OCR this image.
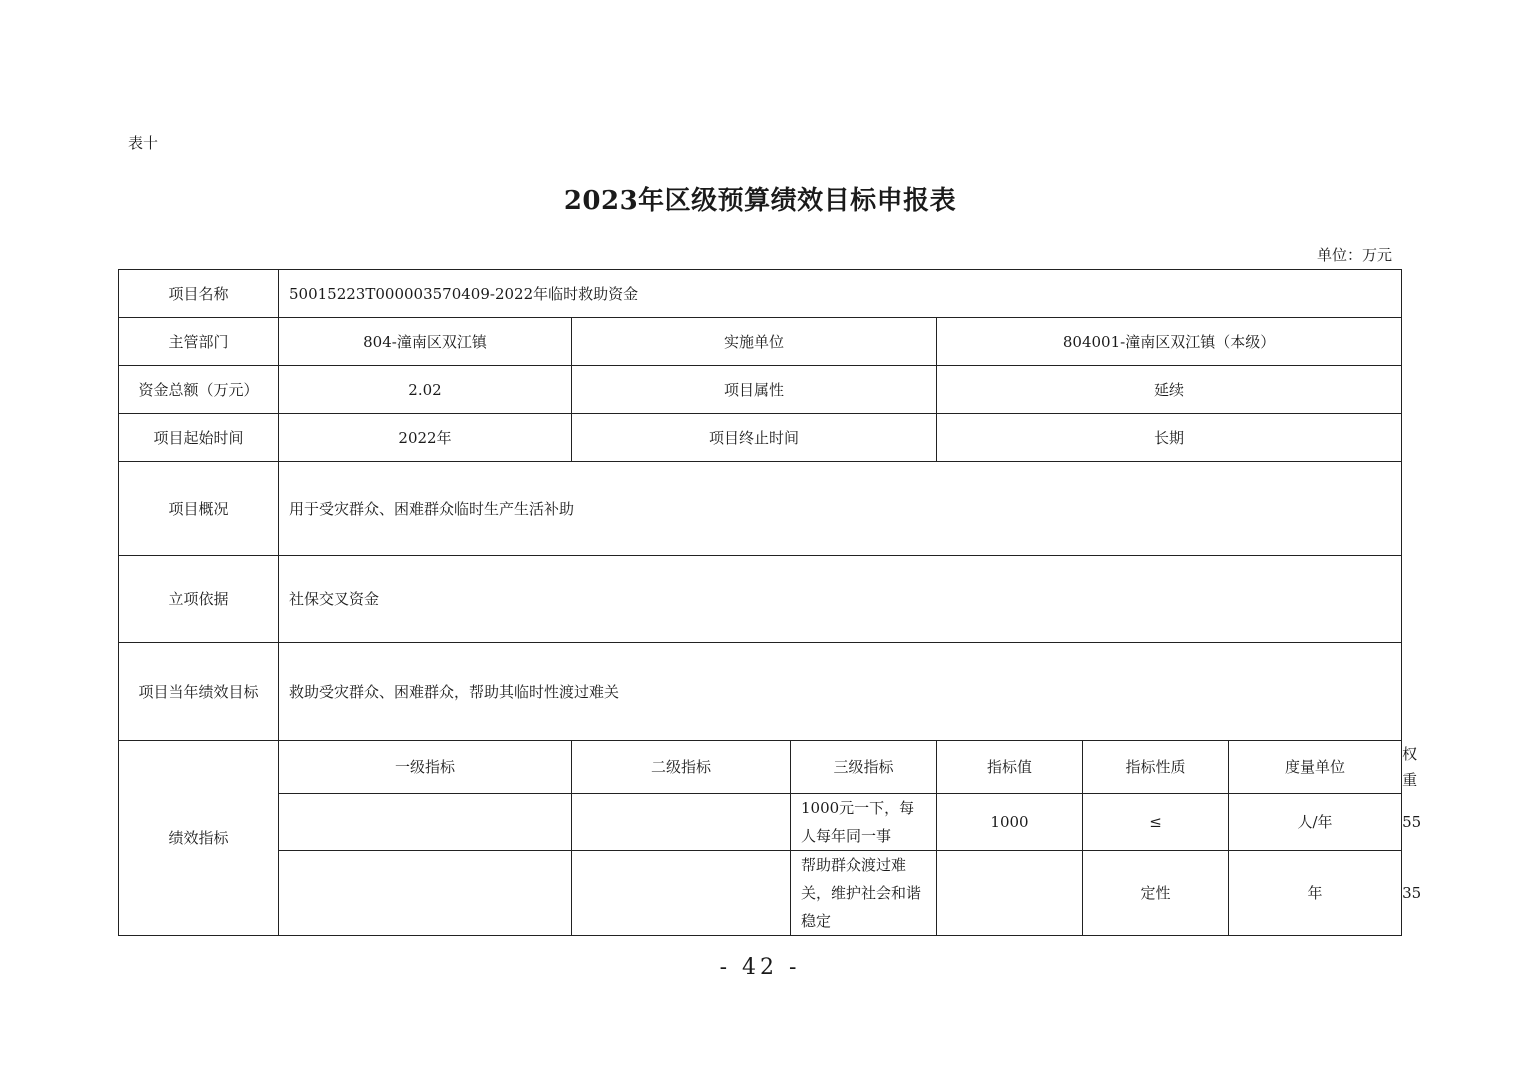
表十
2023年区级预算绩效目标申报表
单位：万元
项目名称	50015223T000003570409-2022年临时救助资金						
主管部门	804-潼南区双江镇	实施单位		804001-潼南区双江镇（本级）			
资金总额（万元）	2.02	项目属性		延续			
项目起始时间	2022年	项目终止时间		长期			
项目概况	用于受灾群众、困难群众临时生产生活补助						
立项依据	社保交叉资金						
项目当年绩效目标	救助受灾群众、困难群众，帮助其临时性渡过难关						
绩效指标	一级指标	二级指标	三级指标	指标值	指标性质	度量单位	权重
			1000元一下，每人每年同一事	1000	≤	人/年	55
			帮助群众渡过难关，维护社会和谐稳定		定性	年	35
- 42 -
